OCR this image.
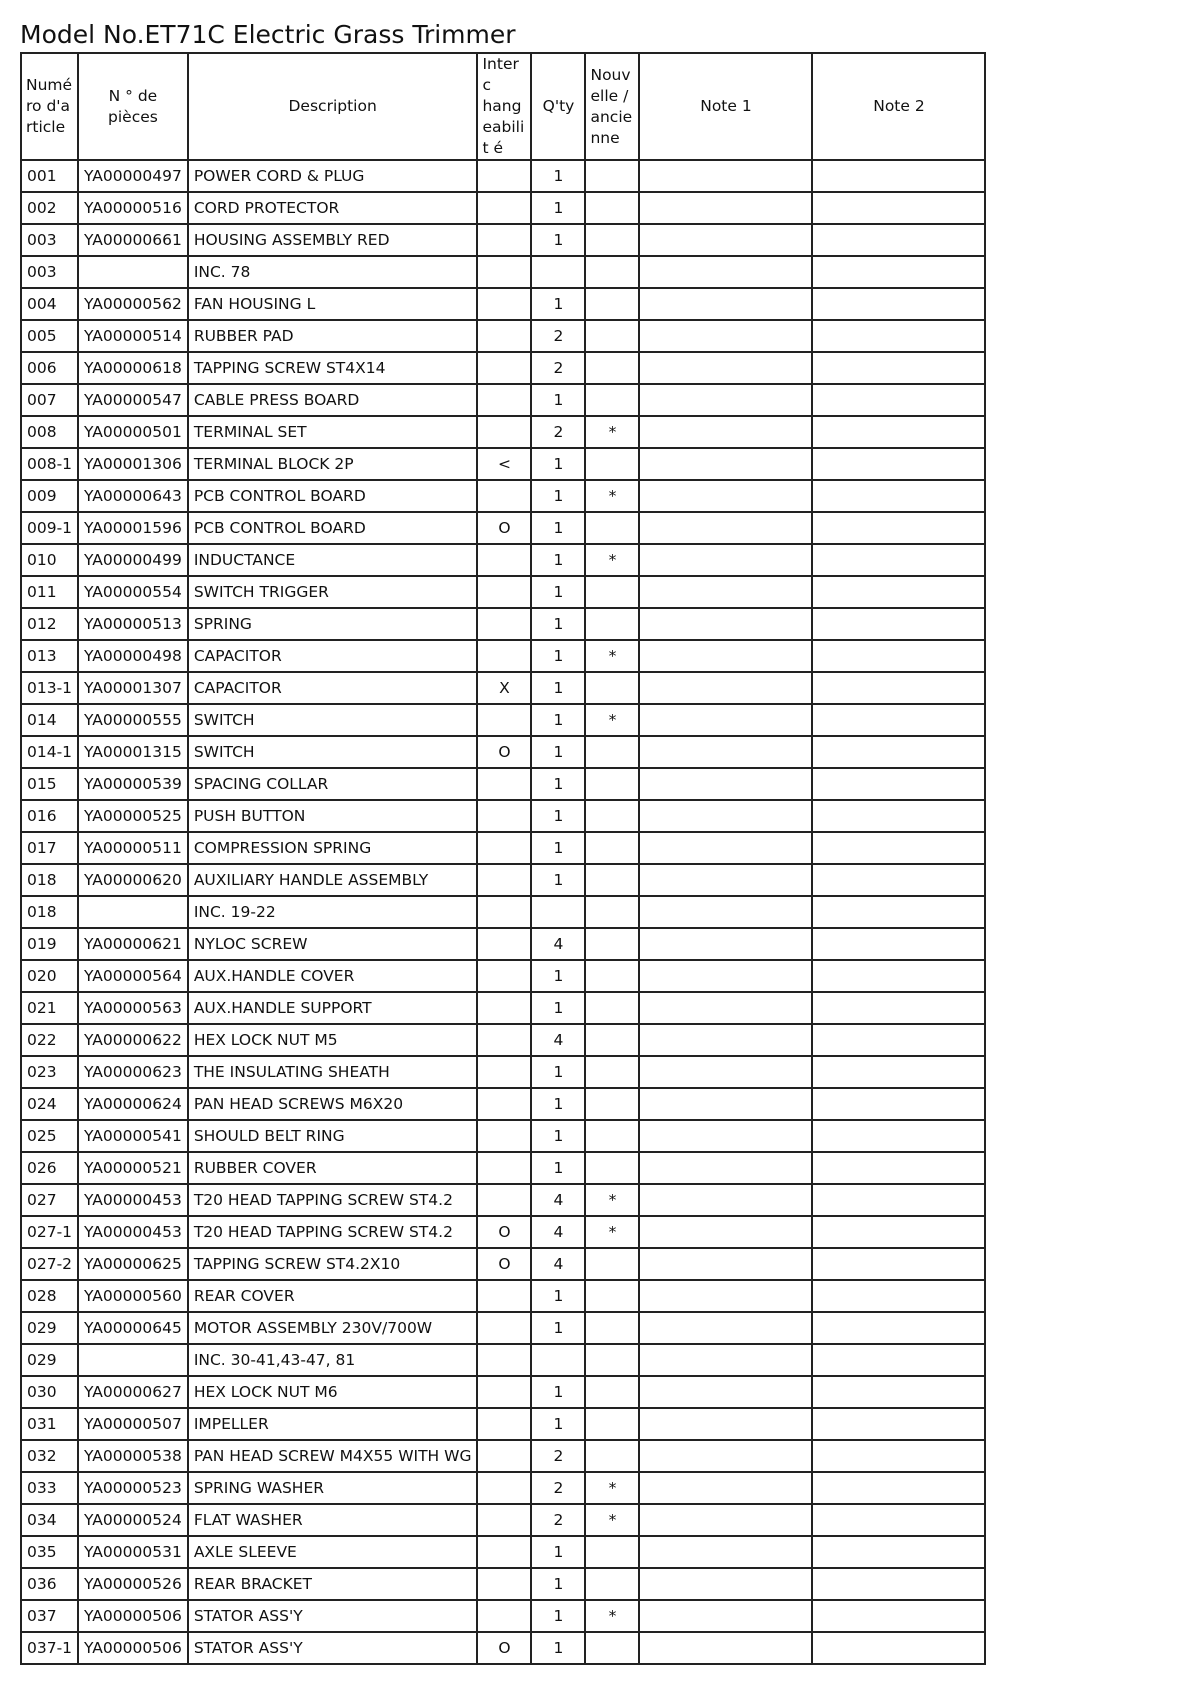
Model No.ET71C Electric Grass Trimmer
Numé ro d'a rticle	N ° de pièces	Description	Interc hang eabilit é	Q'ty	Nouv elle / ancie nne	Note 1	Note 2
001	YA00000497	POWER CORD & PLUG		1			
002	YA00000516	CORD PROTECTOR		1			
003	YA00000661	HOUSING ASSEMBLY RED		1			
003		INC. 78					
004	YA00000562	FAN HOUSING L		1			
005	YA00000514	RUBBER PAD		2			
006	YA00000618	TAPPING SCREW ST4X14		2			
007	YA00000547	CABLE PRESS BOARD		1			
008	YA00000501	TERMINAL SET		2	*		
008-1	YA00001306	TERMINAL BLOCK 2P	<	1			
009	YA00000643	PCB CONTROL BOARD		1	*		
009-1	YA00001596	PCB CONTROL BOARD	O	1			
010	YA00000499	INDUCTANCE		1	*		
011	YA00000554	SWITCH TRIGGER		1			
012	YA00000513	SPRING		1			
013	YA00000498	CAPACITOR		1	*		
013-1	YA00001307	CAPACITOR	X	1			
014	YA00000555	SWITCH		1	*		
014-1	YA00001315	SWITCH	O	1			
015	YA00000539	SPACING COLLAR		1			
016	YA00000525	PUSH BUTTON		1			
017	YA00000511	COMPRESSION SPRING		1			
018	YA00000620	AUXILIARY HANDLE ASSEMBLY		1			
018		INC. 19-22					
019	YA00000621	NYLOC SCREW		4			
020	YA00000564	AUX.HANDLE COVER		1			
021	YA00000563	AUX.HANDLE SUPPORT		1			
022	YA00000622	HEX LOCK NUT M5		4			
023	YA00000623	THE INSULATING SHEATH		1			
024	YA00000624	PAN HEAD SCREWS M6X20		1			
025	YA00000541	SHOULD BELT RING		1			
026	YA00000521	RUBBER COVER		1			
027	YA00000453	T20 HEAD TAPPING SCREW ST4.2		4	*		
027-1	YA00000453	T20 HEAD TAPPING SCREW ST4.2	O	4	*		
027-2	YA00000625	TAPPING SCREW ST4.2X10	O	4			
028	YA00000560	REAR COVER		1			
029	YA00000645	MOTOR ASSEMBLY 230V/700W		1			
029		INC. 30-41,43-47, 81					
030	YA00000627	HEX LOCK NUT M6		1			
031	YA00000507	IMPELLER		1			
032	YA00000538	PAN HEAD SCREW M4X55 WITH WG		2			
033	YA00000523	SPRING WASHER		2	*		
034	YA00000524	FLAT WASHER		2	*		
035	YA00000531	AXLE SLEEVE		1			
036	YA00000526	REAR BRACKET		1			
037	YA00000506	STATOR ASS'Y		1	*		
037-1	YA00000506	STATOR ASS'Y	O	1			
